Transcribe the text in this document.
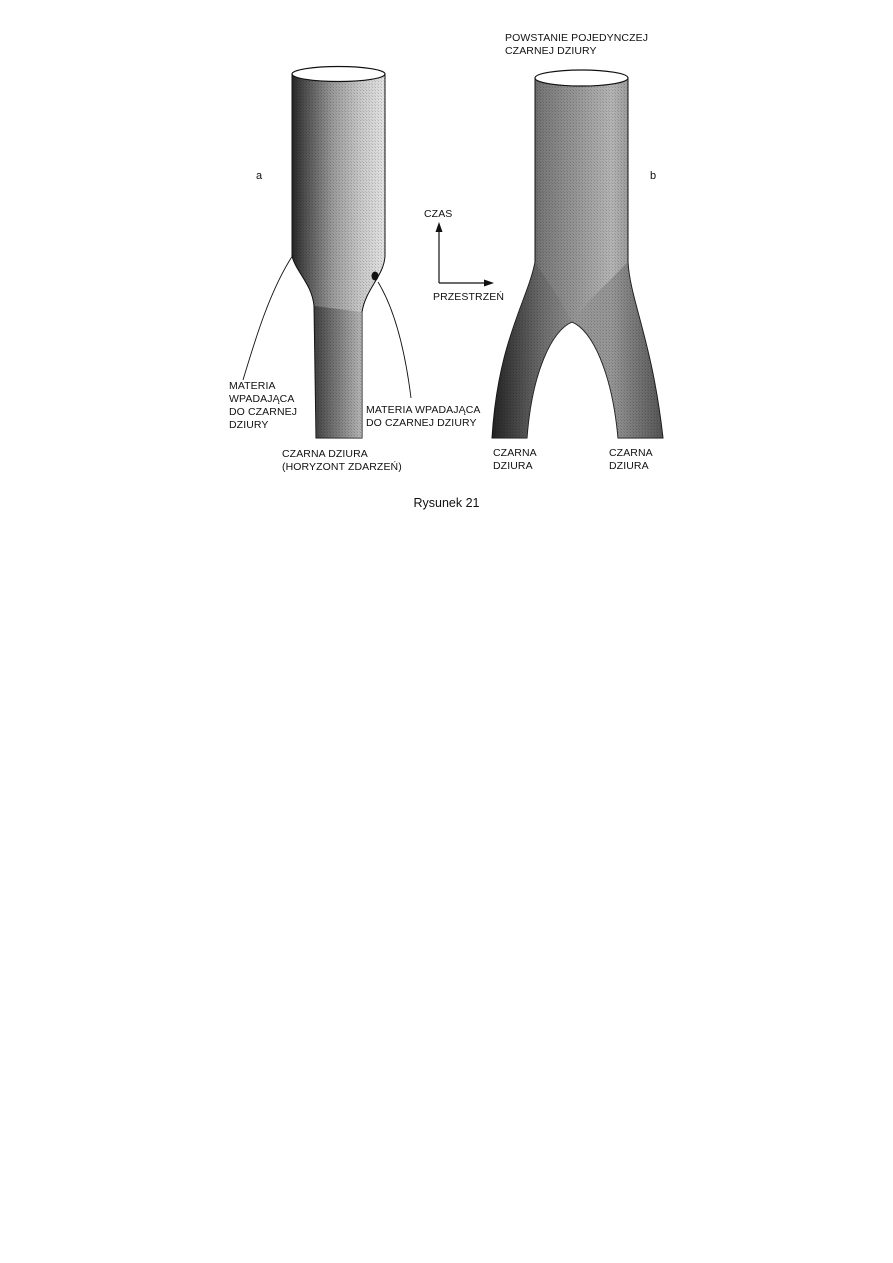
a	b
POWSTANIE POJEDYNCZEJ
CZARNEJ DZIURY
CZAS
PRZESTRZEŃ
MATERIA
WPADAJĄCA
DO CZARNEJ
DZIURY
MATERIA WPADAJĄCA
DO CZARNEJ DZIURY
CZARNA DZIURA
(HORYZONT ZDARZEŃ)
CZARNA
DZIURA
CZARNA
DZIURA
Rysunek 21
